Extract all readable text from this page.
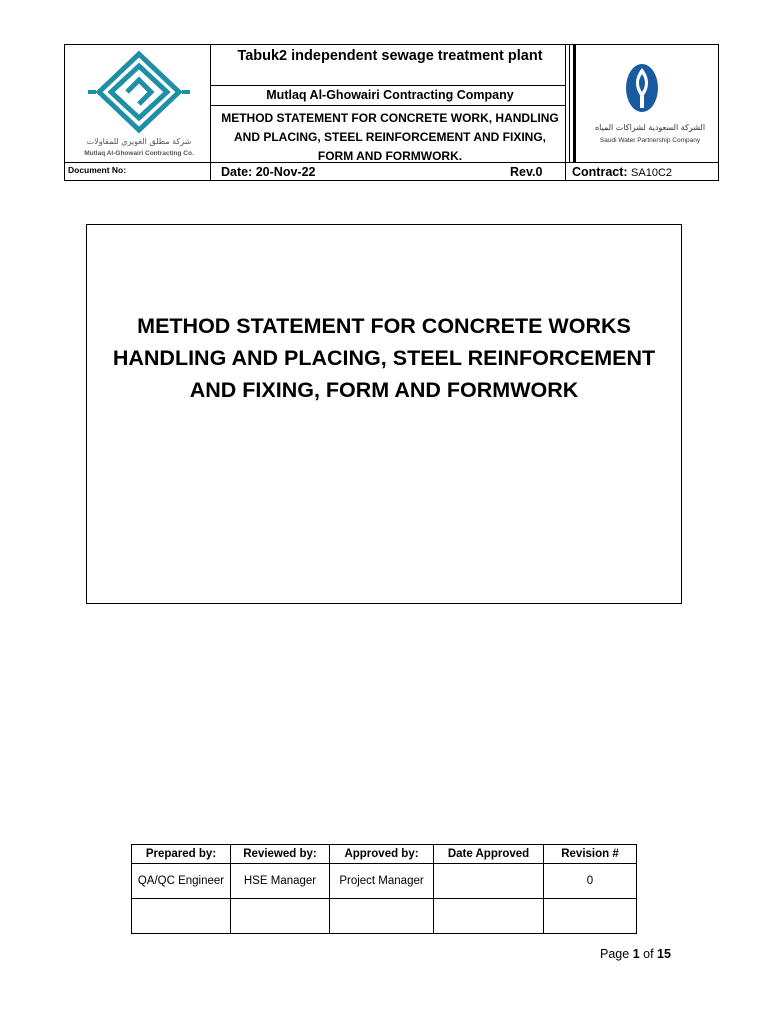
شركة مطلق الغويري للمقاولات
Mutlaq Al-Ghowairi Contracting Co.
الشركة السعودية لشراكات المياه
Saudi Water Partnership Company
Tabuk2 independent sewage treatment plant
Mutlaq Al-Ghowairi Contracting Company
METHOD STATEMENT FOR CONCRETE WORK, HANDLING AND PLACING, STEEL REINFORCEMENT AND FIXING, FORM AND FORMWORK.
Document No:	Date: 20-Nov-22	Rev.0 Contract: SA10C2
METHOD STATEMENT FOR CONCRETE WORKS HANDLING AND PLACING, STEEL REINFORCEMENT AND FIXING, FORM AND FORMWORK
Prepared by:	Reviewed by:	Approved by:	Date Approved	Revision #
QA/QC Engineer	HSE Manager	Project Manager		0

Page 1 of 15
